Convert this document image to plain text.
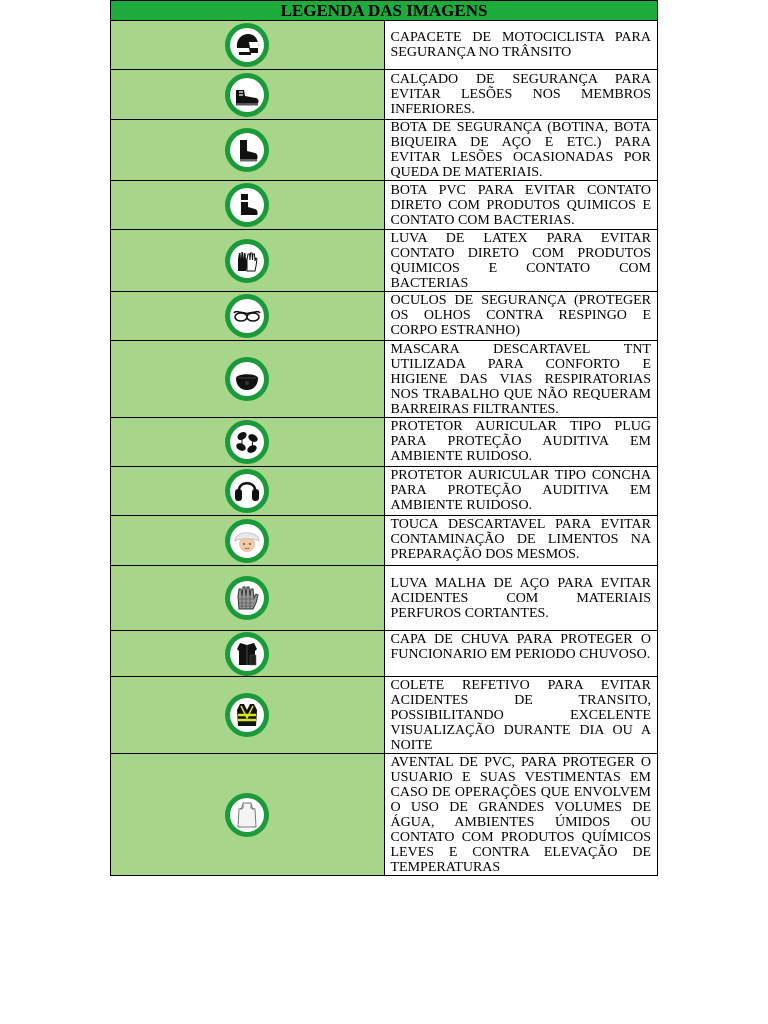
LEGENDA DAS IMAGENS	

	CAPACETE DE MOTOCICLISTA PARA SEGURANÇA NO TRÂNSITO

	CALÇADO DE SEGURANÇA PARA EVITAR LESÕES NOS MEMBROS INFERIORES.

	BOTA DE SEGURANÇA (BOTINA, BOTA BIQUEIRA DE AÇO E ETC.) PARA EVITAR LESÕES OCASIONADAS POR QUEDA DE MATERIAIS.

	BOTA PVC PARA EVITAR CONTATO DIRETO COM PRODUTOS QUIMICOS E CONTATO COM BACTERIAS.

	LUVA DE LATEX PARA EVITAR CONTATO DIRETO COM PRODUTOS QUIMICOS E CONTATO COM BACTERIAS

	OCULOS DE SEGURANÇA (PROTEGER OS OLHOS CONTRA RESPINGO E CORPO ESTRANHO)

	MASCARA DESCARTAVEL TNT UTILIZADA PARA CONFORTO E HIGIENE DAS VIAS RESPIRATORIAS NOS TRABALHO QUE NÃO REQUERAM BARREIRAS FILTRANTES.

	PROTETOR AURICULAR TIPO PLUG PARA PROTEÇÃO AUDITIVA EM AMBIENTE RUIDOSO.

	PROTETOR AURICULAR TIPO CONCHA PARA PROTEÇÃO AUDITIVA EM AMBIENTE RUIDOSO.

	TOUCA DESCARTAVEL PARA EVITAR CONTAMINAÇÃO DE LIMENTOS NA PREPARAÇÃO DOS MESMOS.

	LUVA MALHA DE AÇO PARA EVITAR ACIDENTES COM MATERIAIS PERFUROS CORTANTES.

	CAPA DE CHUVA PARA PROTEGER O FUNCIONARIO EM PERIODO CHUVOSO.

	COLETE REFETIVO PARA EVITAR ACIDENTES DE TRANSITO, POSSIBILITANDO EXCELENTE VISUALIZAÇÃO DURANTE DIA OU A NOITE

	AVENTAL DE PVC, PARA PROTEGER O USUARIO E SUAS VESTIMENTAS EM CASO DE OPERAÇÕES QUE ENVOLVEM O USO DE GRANDES VOLUMES DE ÁGUA, AMBIENTES ÚMIDOS OU CONTATO COM PRODUTOS QUÍMICOS LEVES E CONTRA ELEVAÇÃO DE TEMPERATURAS
